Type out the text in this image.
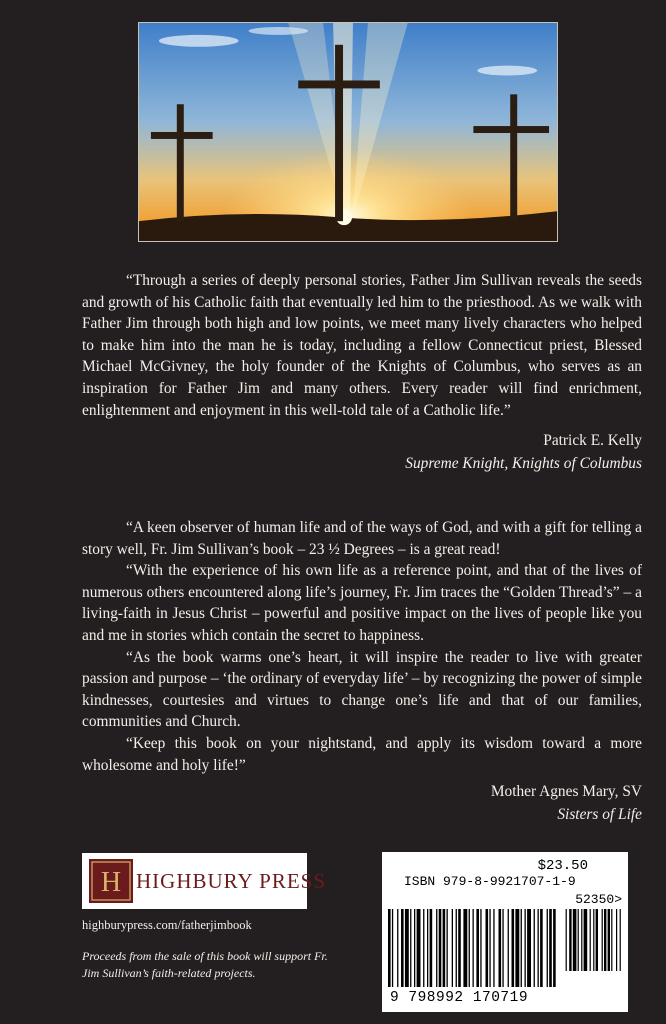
“Through a series of deeply personal stories, Father Jim Sullivan reveals the seeds and growth of his Catholic faith that eventually led him to the priesthood. As we walk with Father Jim through both high and low points, we meet many lively characters who helped to make him into the man he is today, including a fellow Connecticut priest, Blessed Michael McGivney, the holy founder of the Knights of Columbus, who serves as an inspiration for Father Jim and many others. Every reader will find enrichment, enlightenment and enjoyment in this well-told tale of a Catholic life.”

Patrick E. Kelly
Supreme Knight, Knights of Columbus

“A keen observer of human life and of the ways of God, and with a gift for telling a story well, Fr. Jim Sullivan’s book – 23 ½ Degrees – is a great read!

“With the experience of his own life as a reference point, and that of the lives of numerous others encountered along life’s journey, Fr. Jim traces the “Golden Thread’s” – a living-faith in Jesus Christ – powerful and positive impact on the lives of people like you and me in stories which contain the secret to happiness.

“As the book warms one’s heart, it will inspire the reader to live with greater passion and purpose – ‘the ordinary of everyday life’ – by recognizing the power of simple kindnesses, courtesies and virtues to change one’s life and that of our families, communities and Church.

“Keep this book on your nightstand, and apply its wisdom toward a more wholesome and holy life!”

Mother Agnes Mary, SV
Sisters of Life
H HIGHBURY PRESS
highburypress.com/fatherjimbook
Proceeds from the sale of this book will support Fr. Jim Sullivan’s faith-related projects.
$23.50
ISBN 979-8-9921707-1-9
52350>
9 798992 170719
